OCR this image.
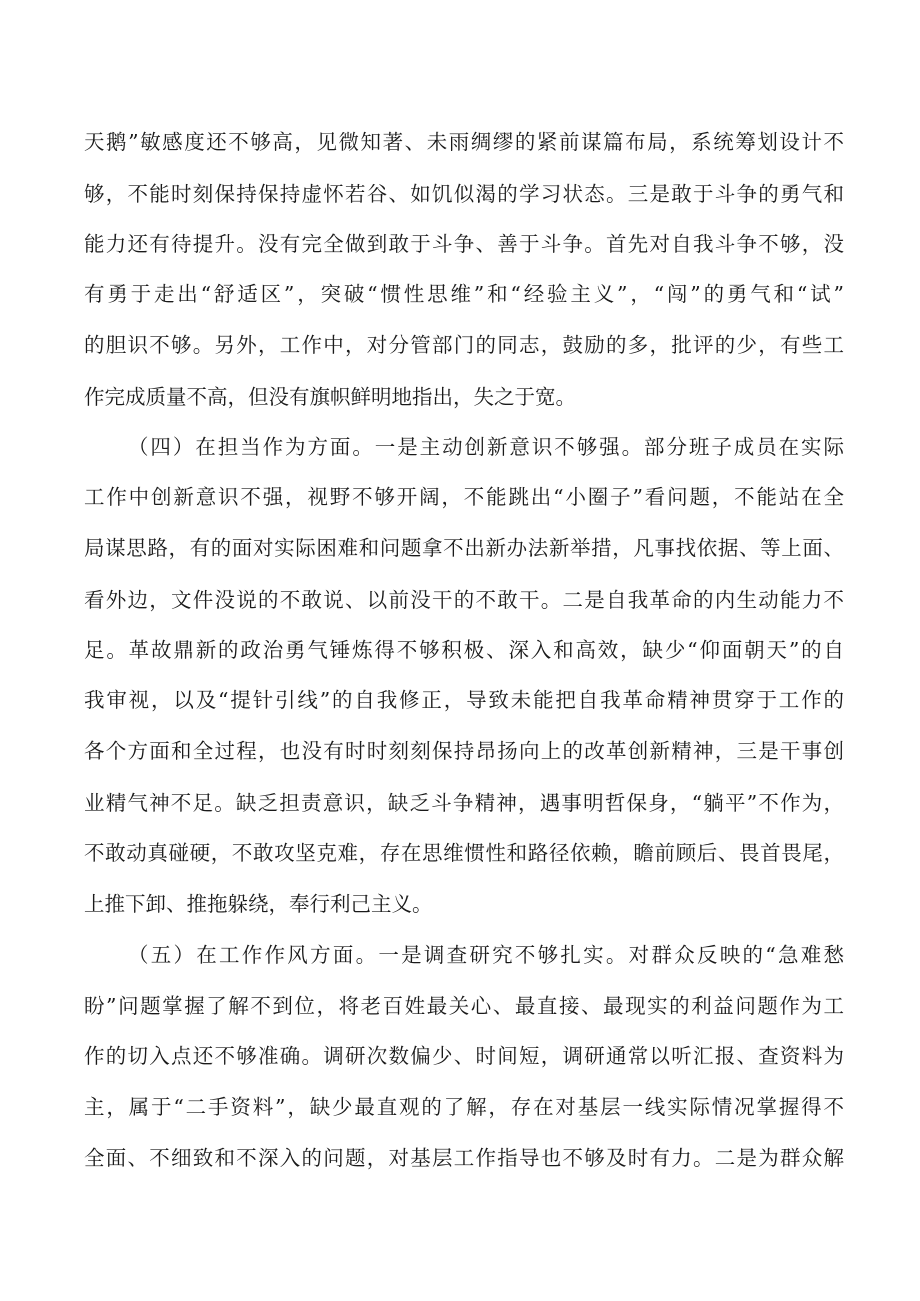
天鹅”敏感度还不够高，见微知著、未雨绸缪的紧前谋篇布局，系统筹划设计不
够，不能时刻保持保持虚怀若谷、如饥似渴的学习状态。三是敢于斗争的勇气和
能力还有待提升。没有完全做到敢于斗争、善于斗争。首先对自我斗争不够，没
有勇于走出“舒适区”，突破“惯性思维”和“经验主义”，“闯”的勇气和“试”
的胆识不够。另外，工作中，对分管部门的同志，鼓励的多，批评的少，有些工
作完成质量不高，但没有旗帜鲜明地指出，失之于宽。
（四）在担当作为方面。一是主动创新意识不够强。部分班子成员在实际
工作中创新意识不强，视野不够开阔，不能跳出“小圈子”看问题，不能站在全
局谋思路，有的面对实际困难和问题拿不出新办法新举措，凡事找依据、等上面、
看外边，文件没说的不敢说、以前没干的不敢干。二是自我革命的内生动能力不
足。革故鼎新的政治勇气锤炼得不够积极、深入和高效，缺少“仰面朝天”的自
我审视，以及“提针引线”的自我修正，导致未能把自我革命精神贯穿于工作的
各个方面和全过程，也没有时时刻刻保持昂扬向上的改革创新精神，三是干事创
业精气神不足。缺乏担责意识，缺乏斗争精神，遇事明哲保身，“躺平”不作为，
不敢动真碰硬，不敢攻坚克难，存在思维惯性和路径依赖，瞻前顾后、畏首畏尾，
上推下卸、推拖躲绕，奉行利己主义。
（五）在工作作风方面。一是调查研究不够扎实。对群众反映的“急难愁
盼”问题掌握了解不到位，将老百姓最关心、最直接、最现实的利益问题作为工
作的切入点还不够准确。调研次数偏少、时间短，调研通常以听汇报、查资料为
主，属于“二手资料”，缺少最直观的了解，存在对基层一线实际情况掌握得不
全面、不细致和不深入的问题，对基层工作指导也不够及时有力。二是为群众解
